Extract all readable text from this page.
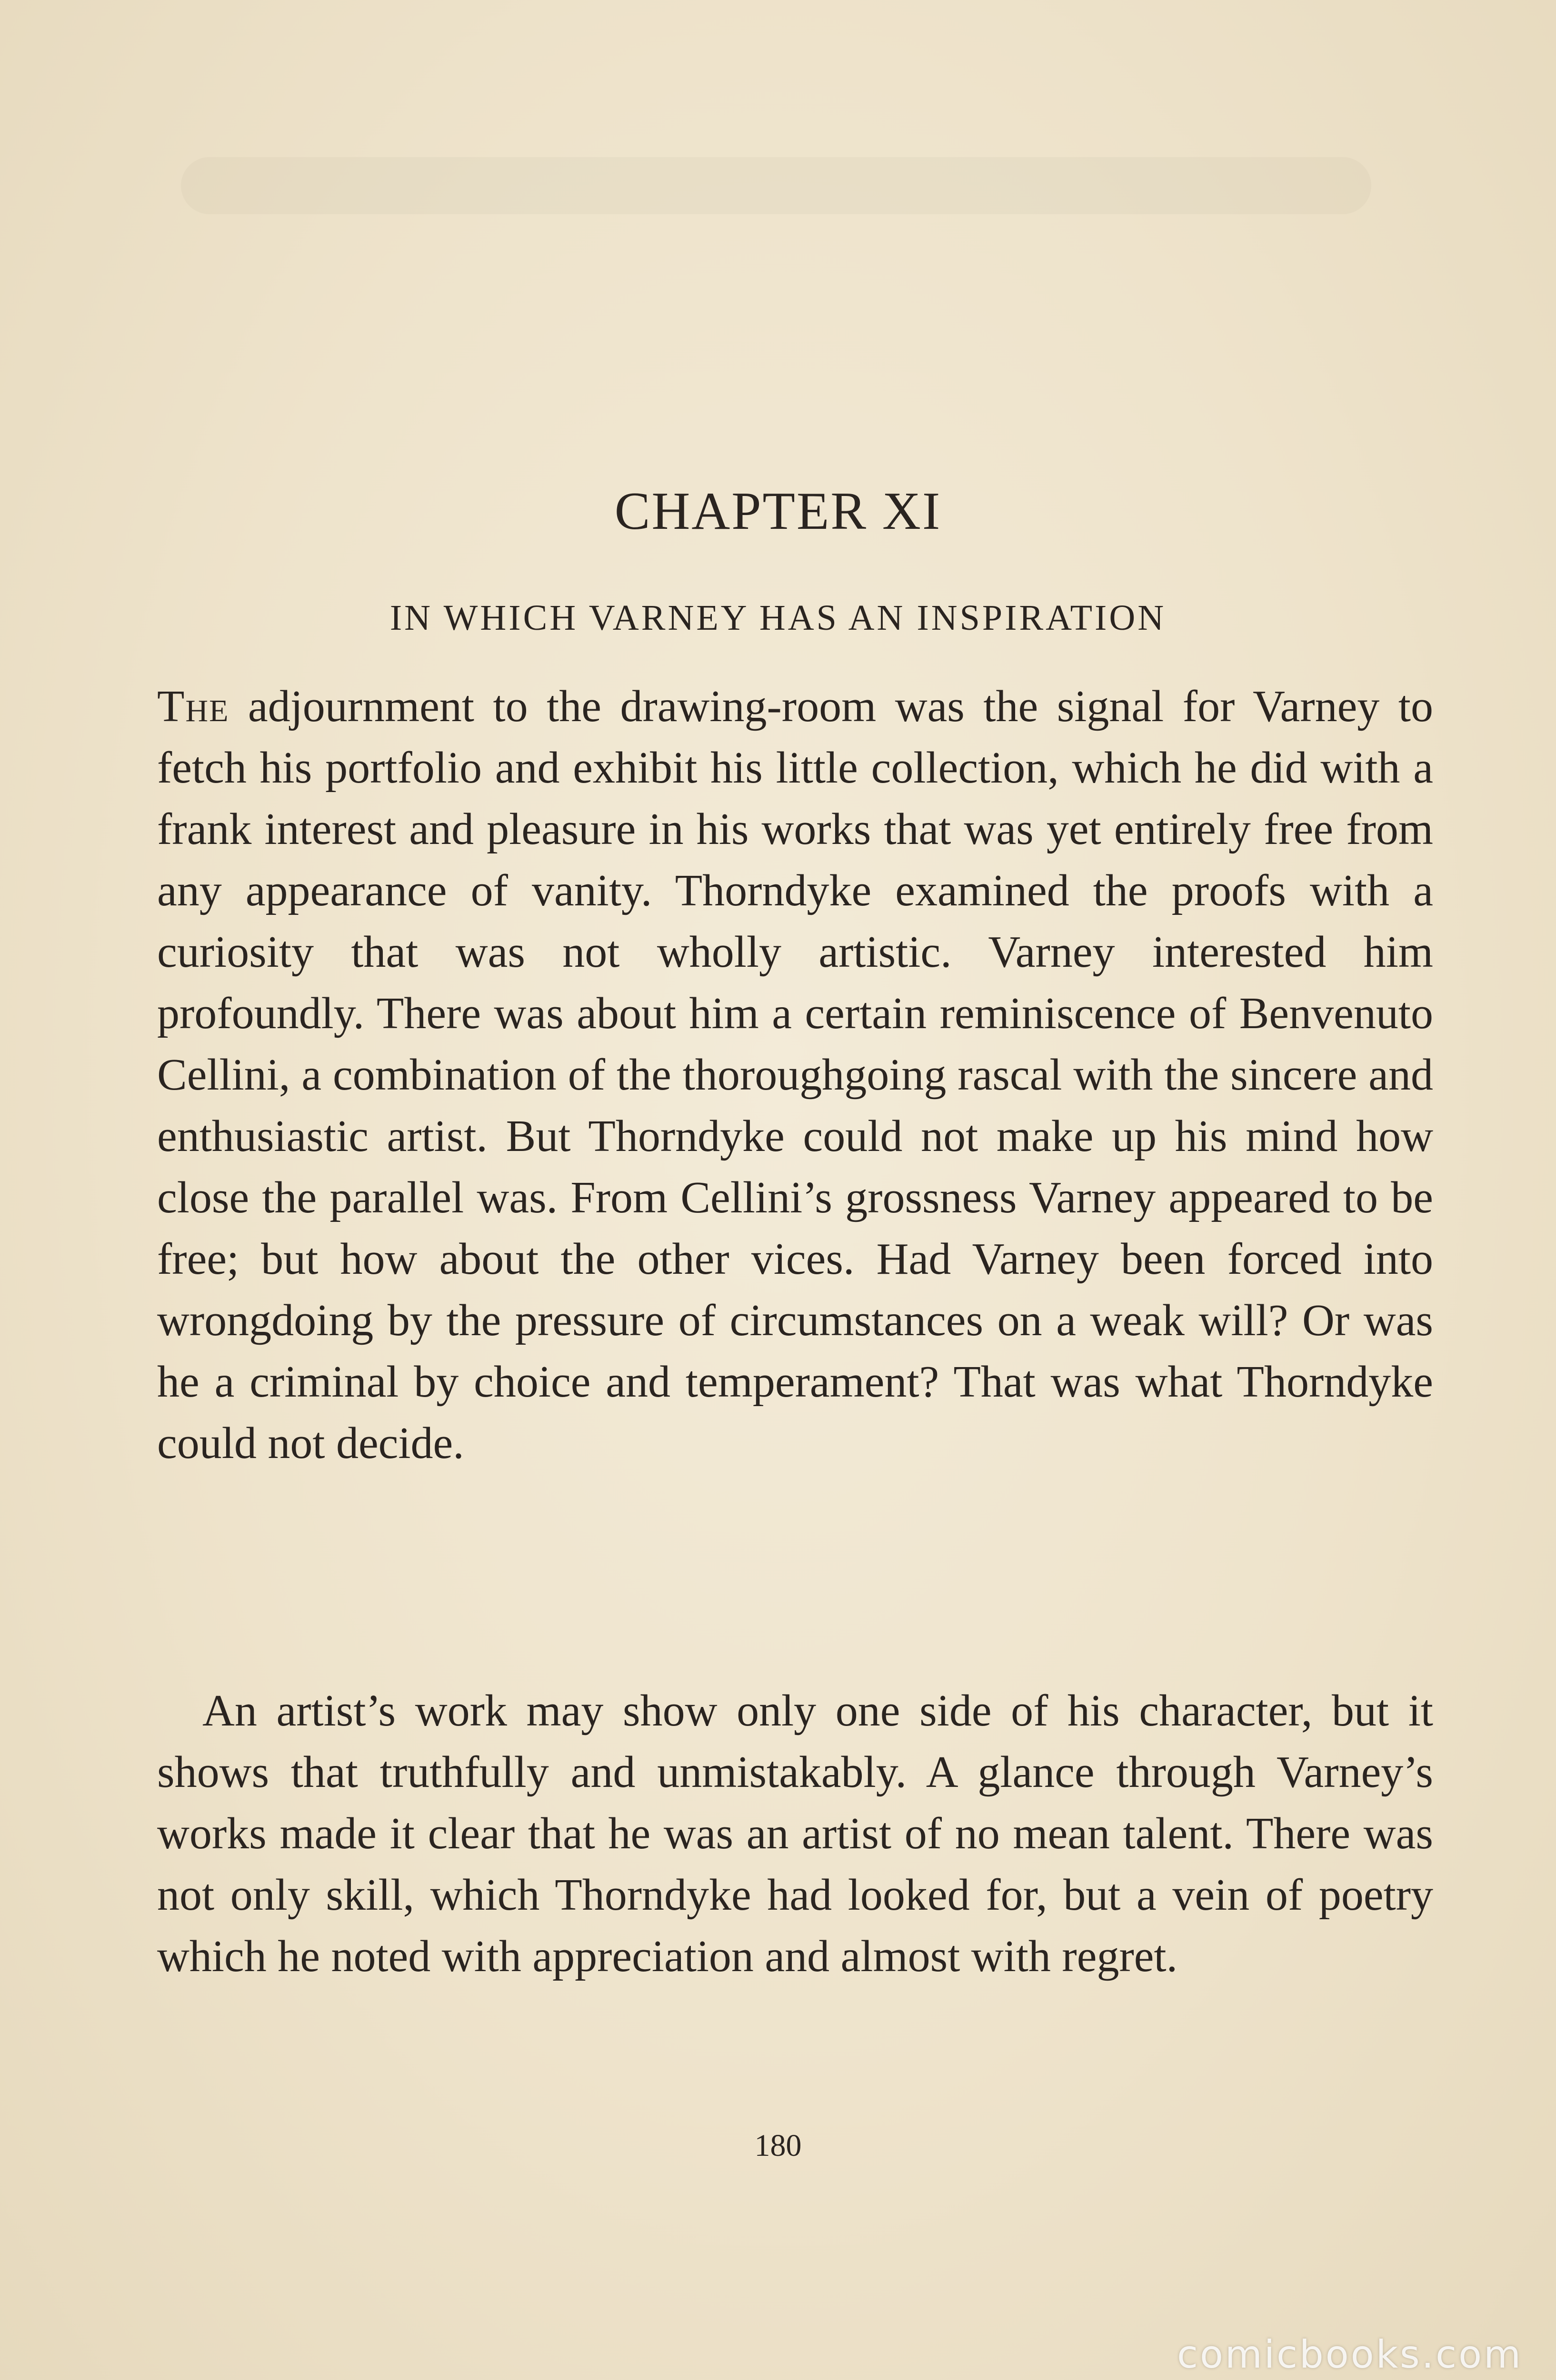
CHAPTER XI
IN WHICH VARNEY HAS AN INSPIRATION

The adjournment to the drawing-room was the signal for Varney to fetch his portfolio and exhibit his little collection, which he did with a frank interest and pleasure in his works that was yet entirely free from any appearance of vanity. Thorndyke examined the proofs with a curiosity that was not wholly artistic. Varney interested him profoundly. There was about him a certain reminiscence of Benvenuto Cellini, a combination of the thoroughgoing rascal with the sincere and enthusiastic artist. But Thorndyke could not make up his mind how close the parallel was. From Cellini’s grossness Varney appeared to be free; but how about the other vices. Had Varney been forced into wrongdoing by the pressure of circumstances on a weak will? Or was he a criminal by choice and temperament? That was what Thorndyke could not decide.

An artist’s work may show only one side of his character, but it shows that truthfully and unmistakably. A glance through Varney’s works made it clear that he was an artist of no mean talent. There was not only skill, which Thorndyke had looked for, but a vein of poetry which he noted with appreciation and almost with regret.

180
comicbooks.com
